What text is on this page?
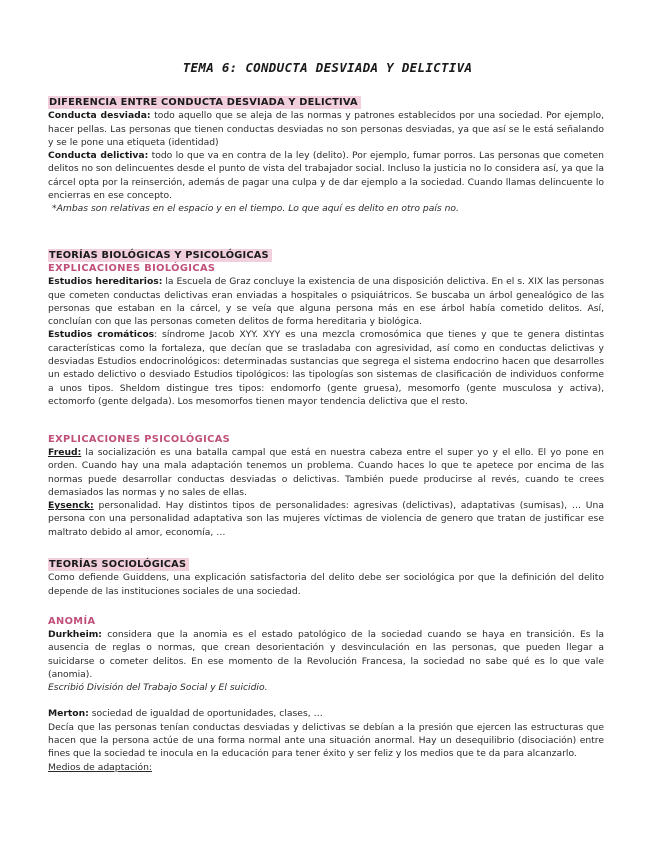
TEMA 6: CONDUCTA DESVIADA Y DELICTIVA
DIFERENCIA ENTRE CONDUCTA DESVIADA Y DELICTIVA

Conducta desviada: todo aquello que se aleja de las normas y patrones establecidos por una sociedad. Por ejemplo, hacer pellas. Las personas que tienen conductas desviadas no son personas desviadas, ya que así se le está señalando y se le pone una etiqueta (identidad)

Conducta delictiva: todo lo que va en contra de la ley (delito). Por ejemplo, fumar porros. Las personas que cometen delitos no son delincuentes desde el punto de vista del trabajador social. Incluso la justicia no lo considera así, ya que la cárcel opta por la reinserción, además de pagar una culpa y de dar ejemplo a la sociedad. Cuando llamas delincuente lo encierras en ese concepto.

*Ambas son relativas en el espacio y en el tiempo. Lo que aquí es delito en otro país no.

TEORÍAS BIOLÓGICAS Y PSICOLÓGICAS
EXPLICACIONES BIOLÓGICAS

Estudios hereditarios: la Escuela de Graz concluye la existencia de una disposición delictiva. En el s. XIX las personas que cometen conductas delictivas eran enviadas a hospitales o psiquiátricos. Se buscaba un árbol genealógico de las personas que estaban en la cárcel, y se veía que alguna persona más en ese árbol había cometido delitos. Así, concluían con que las personas cometen delitos de forma hereditaria y biológica.

Estudios cromáticos: síndrome Jacob XYY. XYY es una mezcla cromosómica que tienes y que te genera distintas características como la fortaleza, que decían que se trasladaba con agresividad, así como en conductas delictivas y desviadas Estudios endocrinológicos: determinadas sustancias que segrega el sistema endocrino hacen que desarrolles un estado delictivo o desviado Estudios tipológicos: las tipologías son sistemas de clasificación de individuos conforme a unos tipos. Sheldom distingue tres tipos: endomorfo (gente gruesa), mesomorfo (gente musculosa y activa), ectomorfo (gente delgada). Los mesomorfos tienen mayor tendencia delictiva que el resto.

EXPLICACIONES PSICOLÓGICAS

Freud: la socialización es una batalla campal que está en nuestra cabeza entre el super yo y el ello. El yo pone en orden. Cuando hay una mala adaptación tenemos un problema. Cuando haces lo que te apetece por encima de las normas puede desarrollar conductas desviadas o delictivas. También puede producirse al revés, cuando te crees demasiados las normas y no sales de ellas.

Eysenck: personalidad. Hay distintos tipos de personalidades: agresivas (delictivas), adaptativas (sumisas), … Una persona con una personalidad adaptativa son las mujeres víctimas de violencia de genero que tratan de justificar ese maltrato debido al amor, economía, …

TEORÍAS SOCIOLÓGICAS

Como defiende Guiddens, una explicación satisfactoria del delito debe ser sociológica por que la definición del delito depende de las instituciones sociales de una sociedad.

ANOMÍA

Durkheim: considera que la anomia es el estado patológico de la sociedad cuando se haya en transición. Es la ausencia de reglas o normas, que crean desorientación y desvinculación en las personas, que pueden llegar a suicidarse o cometer delitos. En ese momento de la Revolución Francesa, la sociedad no sabe qué es lo que vale (anomia).

Escribió División del Trabajo Social y El suicidio.

Merton: sociedad de igualdad de oportunidades, clases, …

Decía que las personas tenían conductas desviadas y delictivas se debían a la presión que ejercen las estructuras que hacen que la persona actúe de una forma normal ante una situación anormal. Hay un desequilibrio (disociación) entre fines que la sociedad te inocula en la educación para tener éxito y ser feliz y los medios que te da para alcanzarlo.

Medios de adaptación:
